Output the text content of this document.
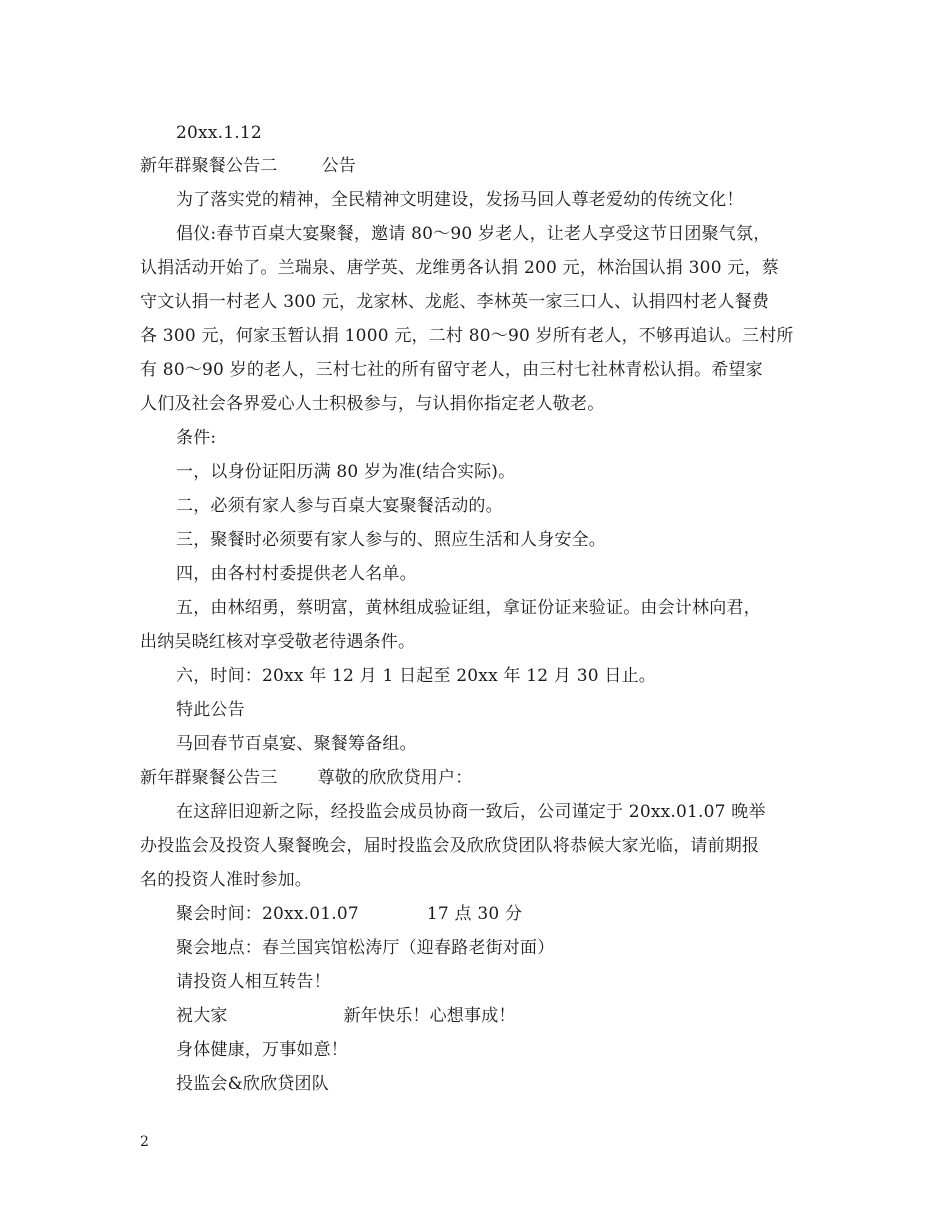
20xx.1.12
新年群聚餐公告二	公告
为了落实党的精神，全民精神文明建设，发扬马回人尊老爱幼的传统文化！
倡仪:春节百桌大宴聚餐，邀请 80～90 岁老人，让老人享受这节日团聚气氛，
认捐活动开始了。兰瑞泉、唐学英、龙维勇各认捐 200 元，林治国认捐 300 元，蔡
守文认捐一村老人 300 元，龙家林、龙彪、李林英一家三口人、认捐四村老人餐费
各 300 元，何家玉暂认捐 1000 元，二村 80～90 岁所有老人，不够再追认。三村所
有 80～90 岁的老人，三村七社的所有留守老人，由三村七社林青松认捐。希望家
人们及社会各界爱心人士积极参与，与认捐你指定老人敬老。
条件:
一，以身份证阳历满 80 岁为准(结合实际)。
二，必须有家人参与百桌大宴聚餐活动的。
三，聚餐时必须要有家人参与的、照应生活和人身安全。
四，由各村村委提供老人名单。
五，由林绍勇，蔡明富，黄林组成验证组，拿证份证来验证。由会计林向君，
出纳吴晓红核对享受敬老待遇条件。
六，时间：20xx 年 12 月 1 日起至 20xx 年 12 月 30 日止。
特此公告
马回春节百桌宴、聚餐筹备组。
新年群聚餐公告三 尊敬的欣欣贷用户：
在这辞旧迎新之际，经投监会成员协商一致后，公司谨定于 20xx.01.07 晚举
办投监会及投资人聚餐晚会，届时投监会及欣欣贷团队将恭候大家光临，请前期报
名的投资人准时参加。
聚会时间：20xx.01.07	17 点 30 分
聚会地点：春兰国宾馆松涛厅（迎春路老街对面）
请投资人相互转告！
祝大家	新年快乐！心想事成！
身体健康，万事如意！
投监会&欣欣贷团队
2
